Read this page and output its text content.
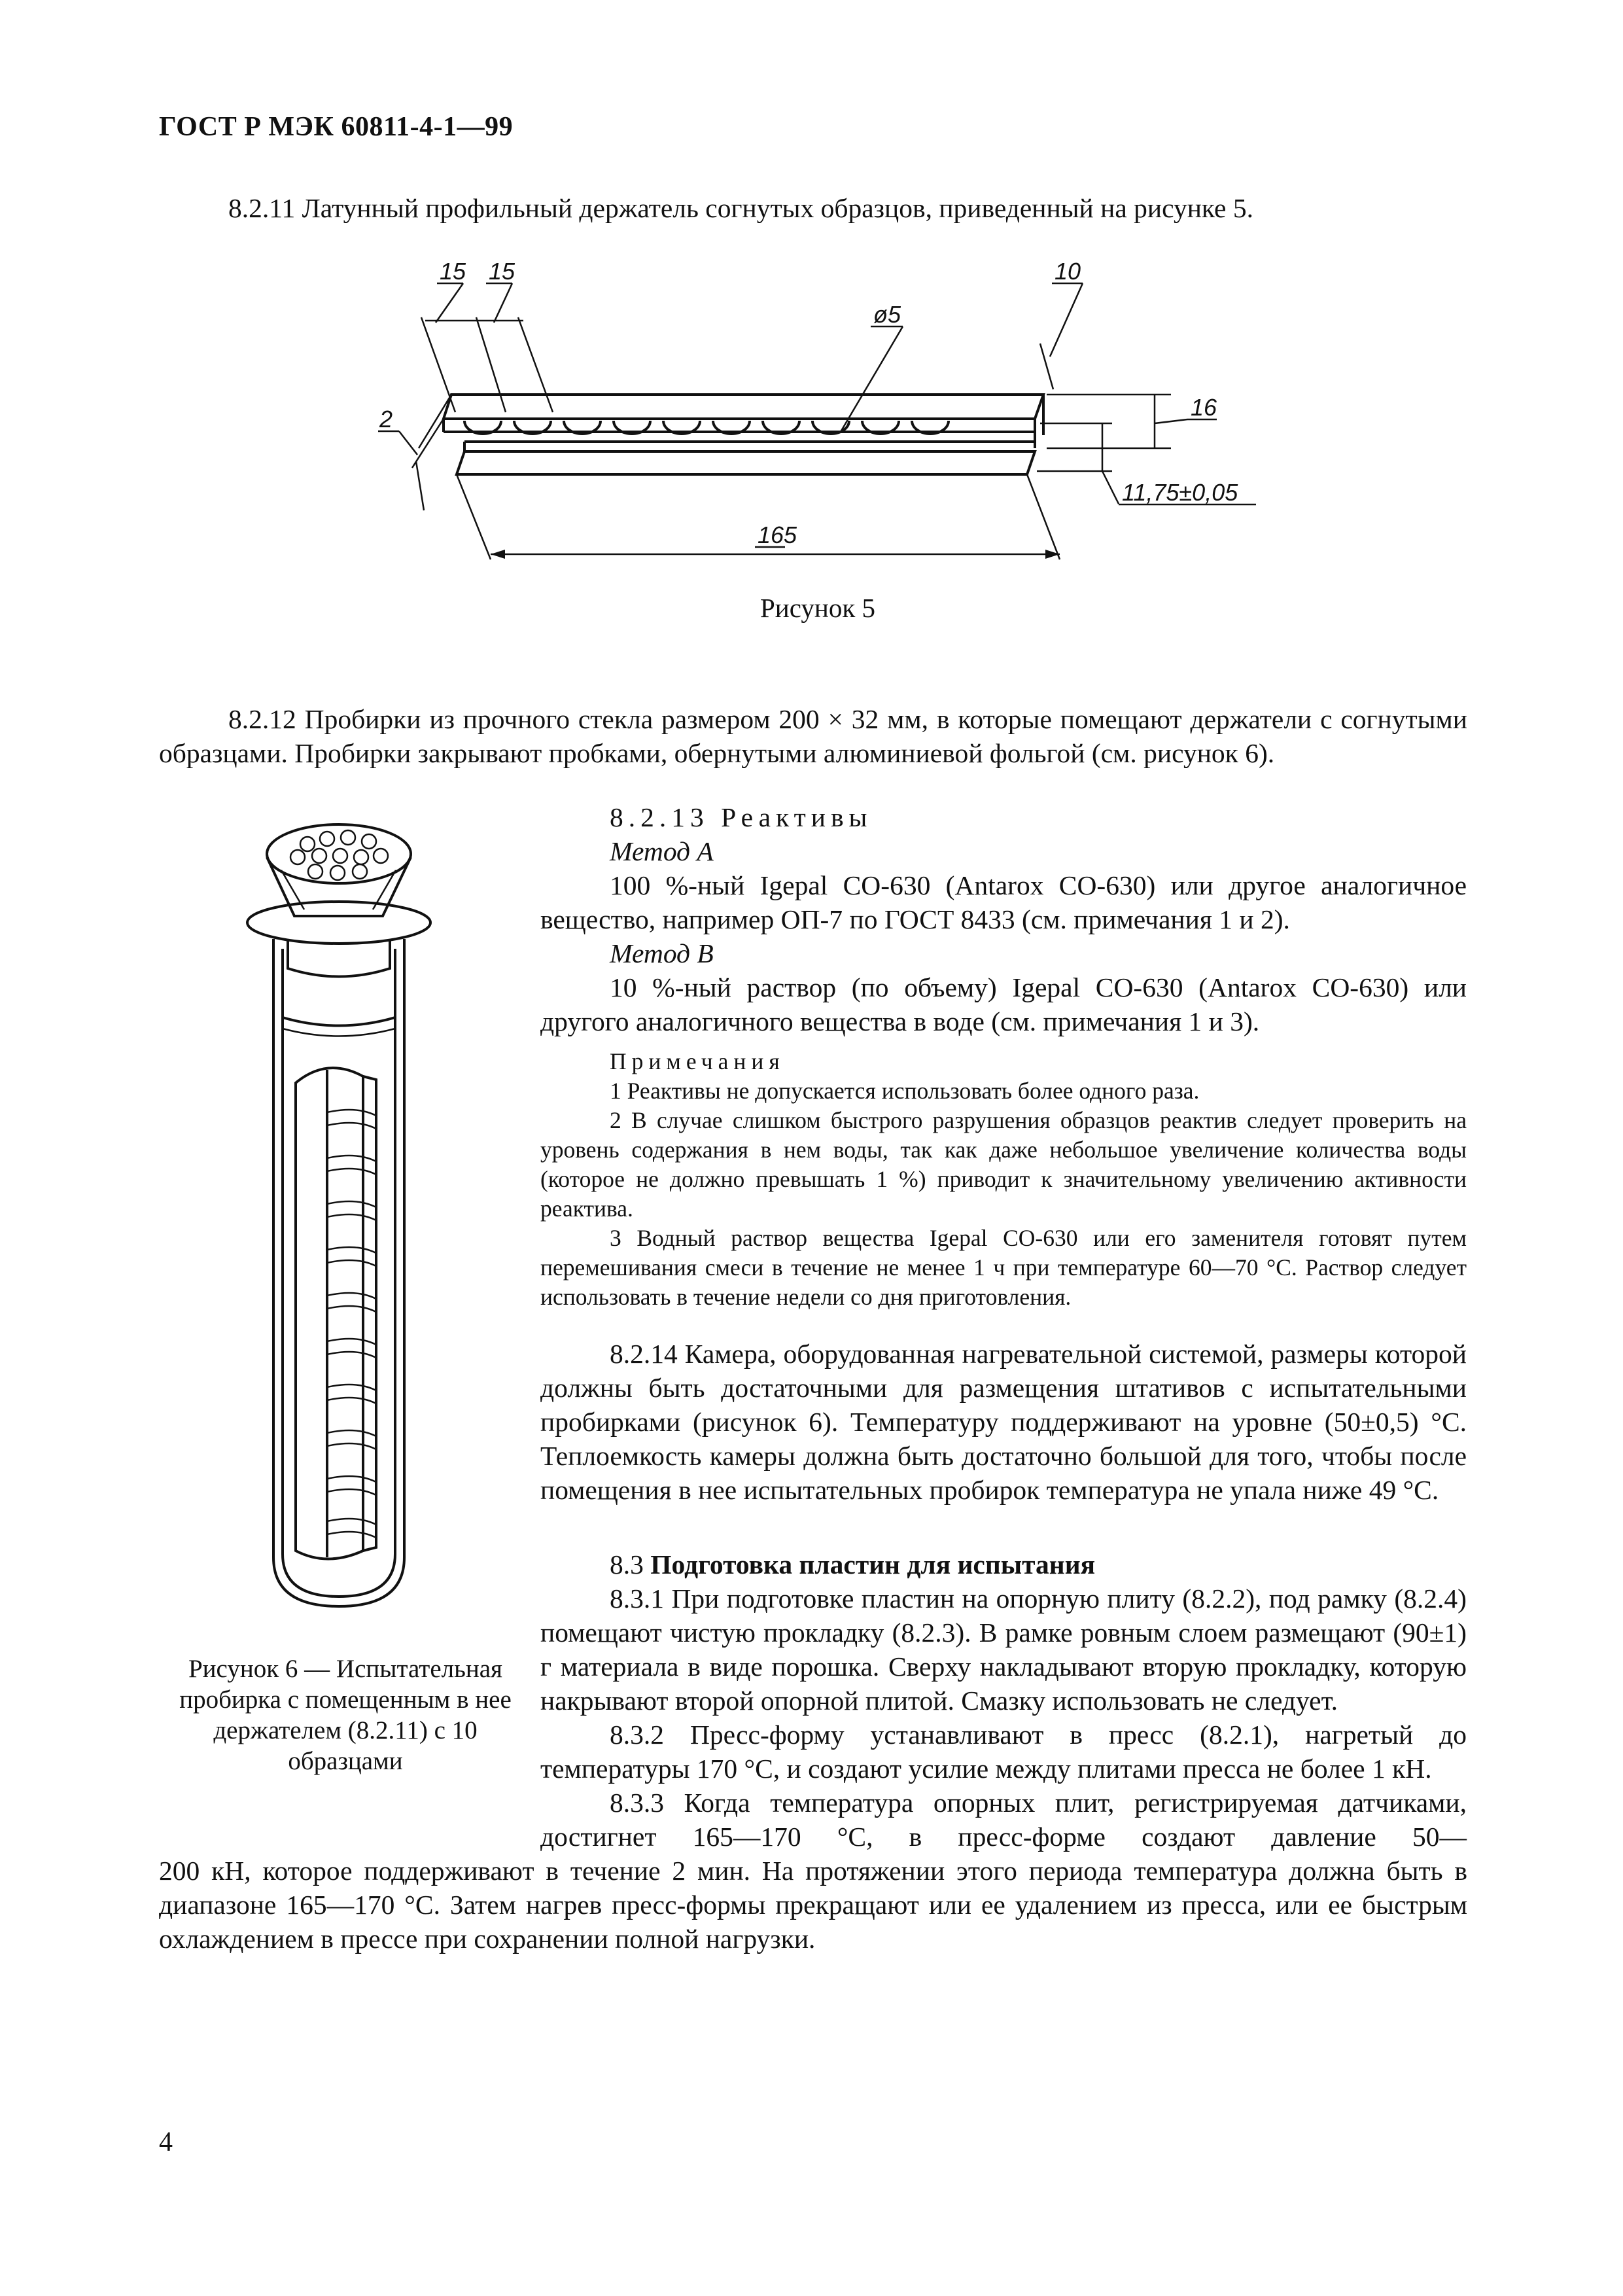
ГОСТ Р МЭК 60811-4-1—99
8.2.11 Латунный профильный держатель согнутых образцов, приведенный на рисунке 5.
15 15
ø5
10
2	16
11,75±0,05
165
Рисунок 5
8.2.12 Пробирки из прочного стекла размером 200 × 32 мм, в которые помещают держатели с согнутыми образцами. Пробирки закрывают пробками, обернутыми алюминиевой фольгой (см. рисунок 6).
Рисунок 6 — Испытательная пробирка с помещенным в нее держателем (8.2.11) с 10 образцами
8.2.13 Реактивы
Метод А
100 %-ный Igepal CO-630 (Antarox CO-630) или другое аналогичное вещество, например ОП-7 по ГОСТ 8433 (см. примечания 1 и 2).
Метод В
10 %-ный раствор (по объему) Igepal CO-630 (Antarox CO-630) или другого аналогичного вещества в воде (см. примечания 1 и 3).
Примечания
1 Реактивы не допускается использовать более одного раза.
2 В случае слишком быстрого разрушения образцов реактив следует проверить на уровень содержания в нем воды, так как даже небольшое увеличение количества воды (которое не должно превышать 1 %) приводит к значительному увеличению активности реактива.
3 Водный раствор вещества Igepal CO-630 или его заменителя готовят путем перемешивания смеси в течение не менее 1 ч при температуре 60—70 °С. Раствор следует использовать в течение недели со дня приготовления.
8.2.14 Камера, оборудованная нагревательной системой, размеры которой должны быть достаточными для размещения штативов с испытательными пробирками (рисунок 6). Температуру поддерживают на уровне (50±0,5) °С. Теплоемкость камеры должна быть достаточно большой для того, чтобы после помещения в нее испытательных пробирок температура не упала ниже 49 °С.
8.3 Подготовка пластин для испытания
8.3.1 При подготовке пластин на опорную плиту (8.2.2), под рамку (8.2.4) помещают чистую прокладку (8.2.3). В рамке ровным слоем размещают (90±1) г материала в виде порошка. Сверху накладывают вторую прокладку, которую накрывают второй опорной плитой. Смазку использовать не следует.
8.3.2 Пресс-форму устанавливают в пресс (8.2.1), нагретый до температуры 170 °С, и создают усилие между плитами пресса не более 1 кН.
8.3.3 Когда температура опорных плит, регистрируемая датчиками, достигнет 165—170 °С, в пресс-форме создают давление 50—
200 кН, которое поддерживают в течение 2 мин. На протяжении этого периода температура должна быть в диапазоне 165—170 °С. Затем нагрев пресс-формы прекращают или ее удалением из пресса, или ее быстрым охлаждением в прессе при сохранении полной нагрузки.
4
